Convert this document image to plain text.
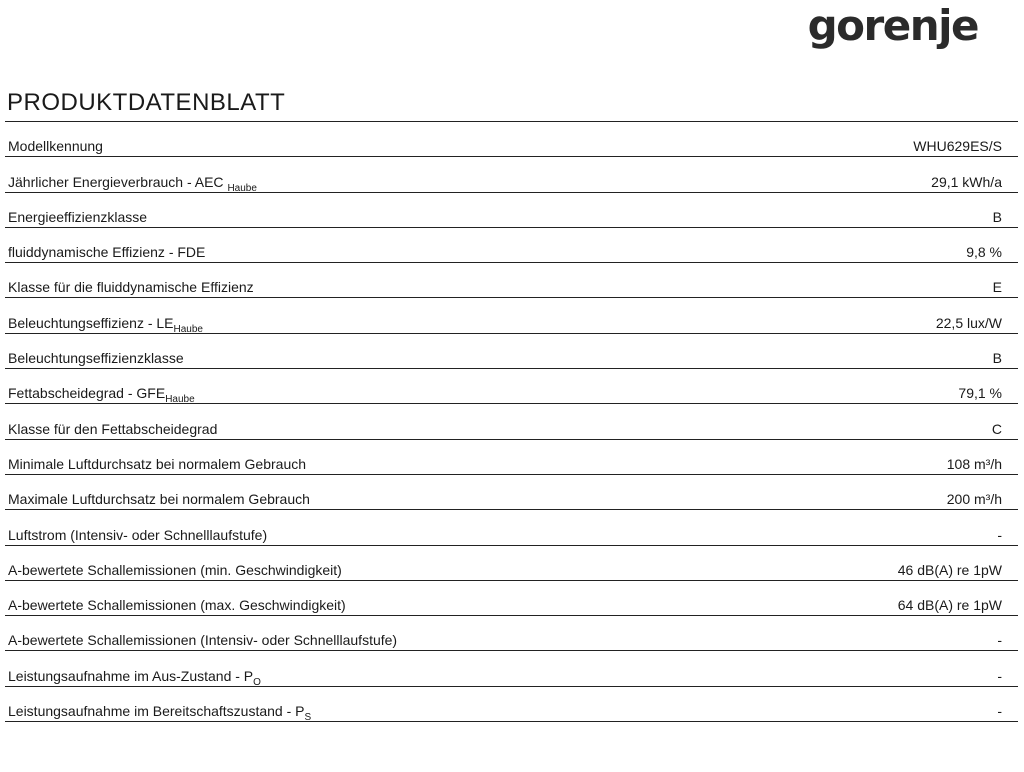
gorenje
PRODUKTDATENBLATT
Modellkennung	WHU629ES/S
Jährlicher Energieverbrauch - AEC $_{Haube}$	29,1 kWh/a
Energieeffizienzklasse	B
fluiddynamische Effizienz - FDE	9,8 %
Klasse für die fluiddynamische Effizienz	E
Beleuchtungseffizienz - $LE_{Haube}$	22,5 lux/W
Beleuchtungseffizienzklasse	B
Fettabscheidegrad - $GFE_{Haube}$	79,1 %
Klasse für den Fettabscheidegrad	C
Minimale Luftdurchsatz bei normalem Gebrauch	108 m³/h
Maximale Luftdurchsatz bei normalem Gebrauch	200 m³/h
Luftstrom (Intensiv- oder Schnelllaufstufe)	-
A-bewertete Schallemissionen (min. Geschwindigkeit)	46 dB(A) re 1pW
A-bewertete Schallemissionen (max. Geschwindigkeit)	64 dB(A) re 1pW
A-bewertete Schallemissionen (Intensiv- oder Schnelllaufstufe)	-
Leistungsaufnahme im $Aus-Zustand - P_O$	-
Leistungsaufnahme im Bereitschaftszustand - $P_S$	-
